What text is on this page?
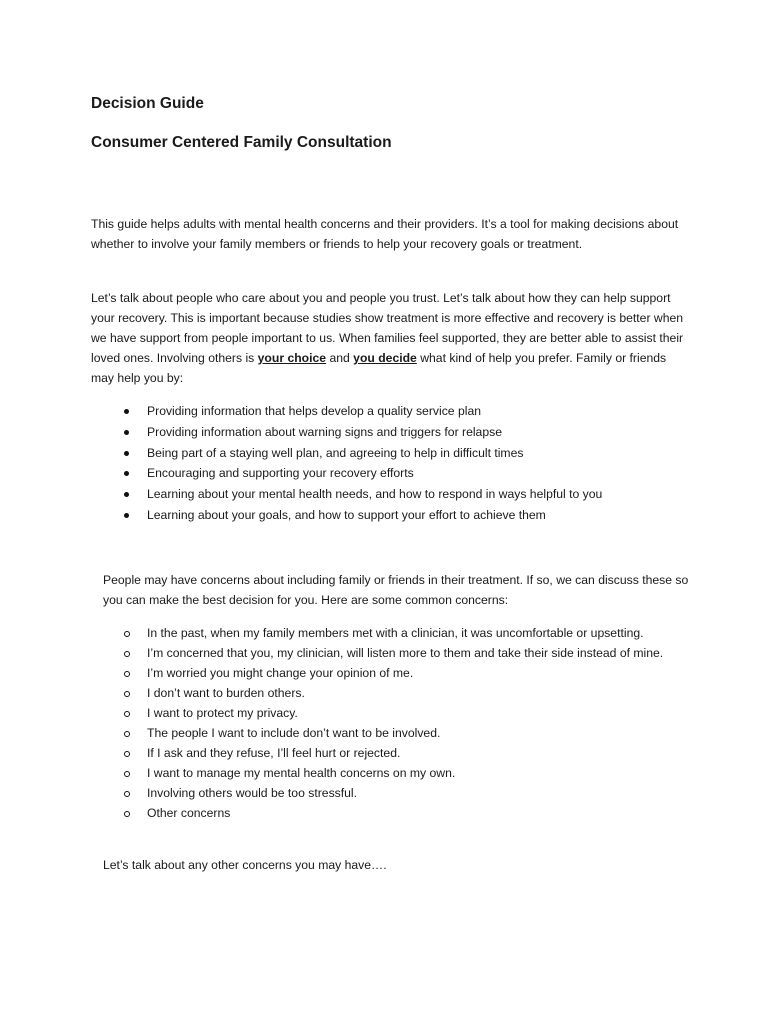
Decision Guide
Consumer Centered Family Consultation

This guide helps adults with mental health concerns and their providers. It’s a tool for making decisions about whether to involve your family members or friends to help your recovery goals or treatment.

Let’s talk about people who care about you and people you trust. Let’s talk about how they can help support your recovery. This is important because studies show treatment is more effective and recovery is better when we have support from people important to us. When families feel supported, they are better able to assist their loved ones. Involving others is your choice and you decide what kind of help you prefer. Family or friends may help you by:

Providing information that helps develop a quality service plan
Providing information about warning signs and triggers for relapse
Being part of a staying well plan, and agreeing to help in difficult times
Encouraging and supporting your recovery efforts
Learning about your mental health needs, and how to respond in ways helpful to you
Learning about your goals, and how to support your effort to achieve them

People may have concerns about including family or friends in their treatment. If so, we can discuss these so you can make the best decision for you. Here are some common concerns:

In the past, when my family members met with a clinician, it was uncomfortable or upsetting.
I’m concerned that you, my clinician, will listen more to them and take their side instead of mine.
I’m worried you might change your opinion of me.
I don’t want to burden others.
I want to protect my privacy.
The people I want to include don’t want to be involved.
If I ask and they refuse, I’ll feel hurt or rejected.
I want to manage my mental health concerns on my own.
Involving others would be too stressful.
Other concerns
Let’s talk about any other concerns you may have….
